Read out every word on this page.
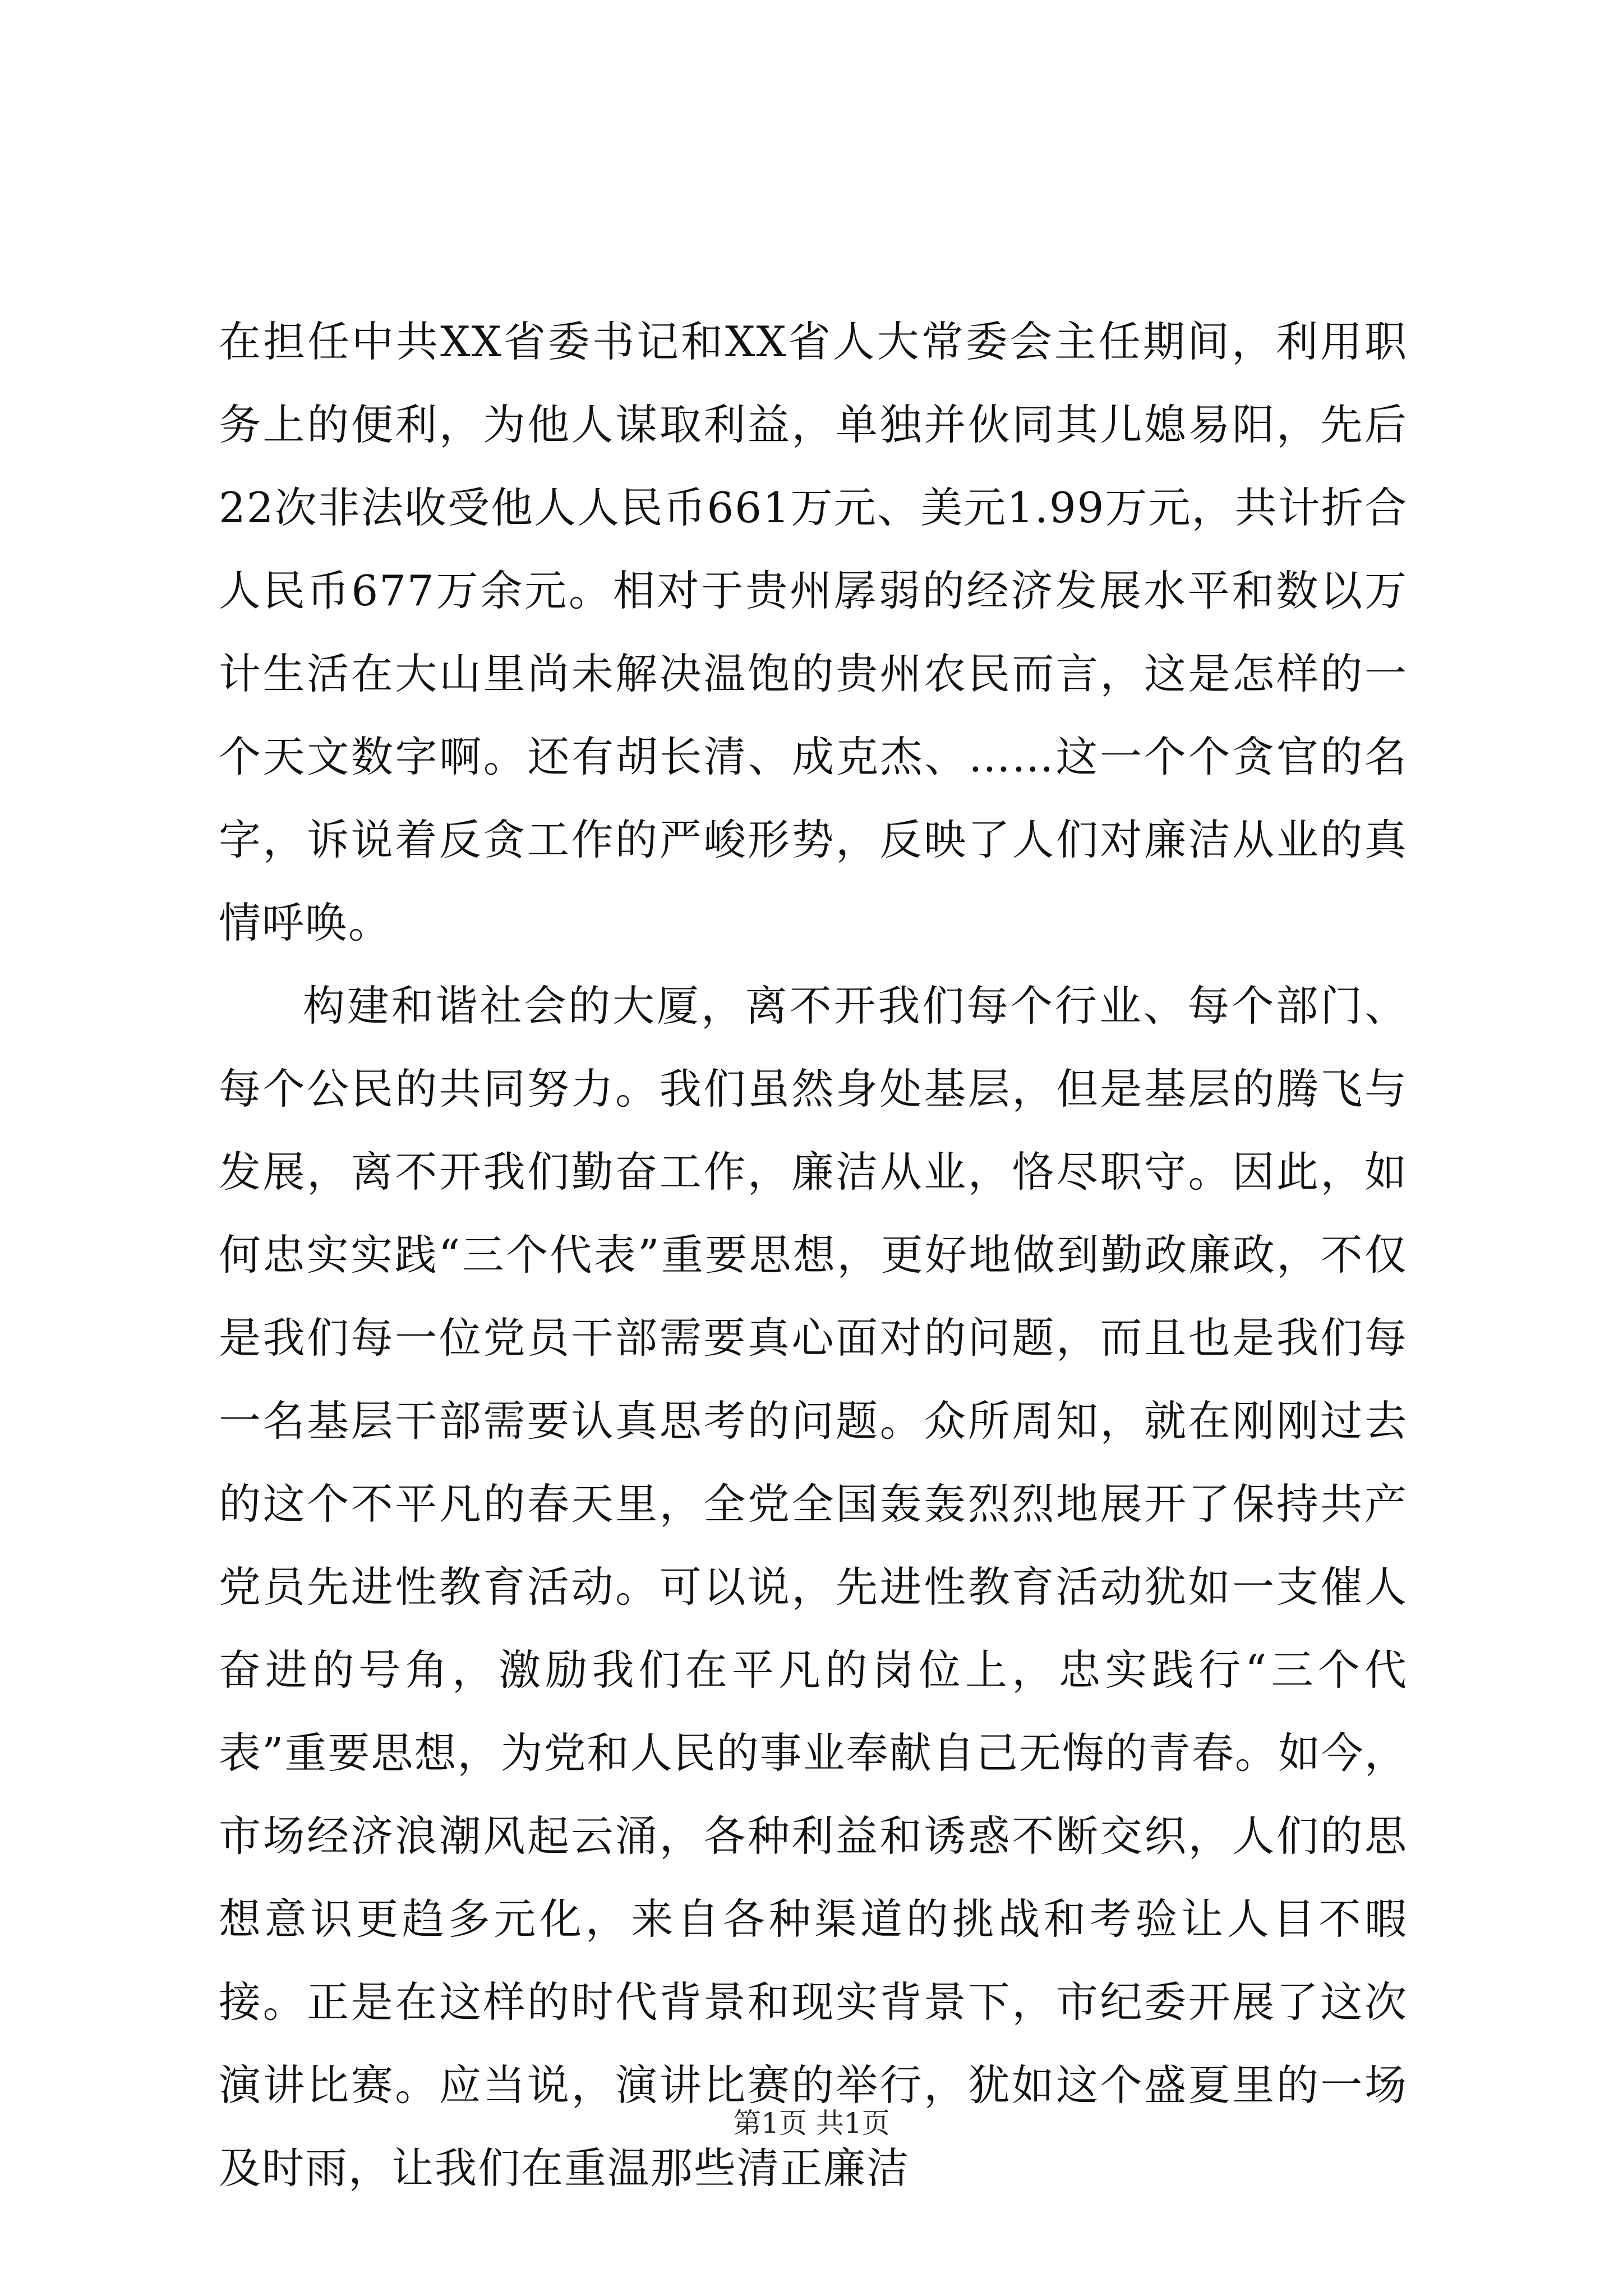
在担任中共XX省委书记和XX省人大常委会主任期间，利用职务上的便利，为他人谋取利益，单独并伙同其儿媳易阳，先后22次非法收受他人人民币661万元、美元1.99万元，共计折合人民币677万余元。相对于贵州孱弱的经济发展水平和数以万计生活在大山里尚未解决温饱的贵州农民而言，这是怎样的一个天文数字啊。还有胡长清、成克杰、……这一个个贪官的名字，诉说着反贪工作的严峻形势，反映了人们对廉洁从业的真情呼唤。

构建和谐社会的大厦，离不开我们每个行业、每个部门、每个公民的共同努力。我们虽然身处基层，但是基层的腾飞与发展，离不开我们勤奋工作，廉洁从业，恪尽职守。因此，如何忠实实践“三个代表”重要思想，更好地做到勤政廉政，不仅是我们每一位党员干部需要真心面对的问题，而且也是我们每一名基层干部需要认真思考的问题。众所周知，就在刚刚过去的这个不平凡的春天里，全党全国轰轰烈烈地展开了保持共产党员先进性教育活动。可以说，先进性教育活动犹如一支催人奋进的号角，激励我们在平凡的岗位上，忠实践行“三个代表”重要思想，为党和人民的事业奉献自己无悔的青春。如今，市场经济浪潮风起云涌，各种利益和诱惑不断交织，人们的思想意识更趋多元化，来自各种渠道的挑战和考验让人目不暇接。正是在这样的时代背景和现实背景下，市纪委开展了这次演讲比赛。应当说，演讲比赛的举行，犹如这个盛夏里的一场及时雨，让我们在重温那些清正廉洁

第1页 共1页
